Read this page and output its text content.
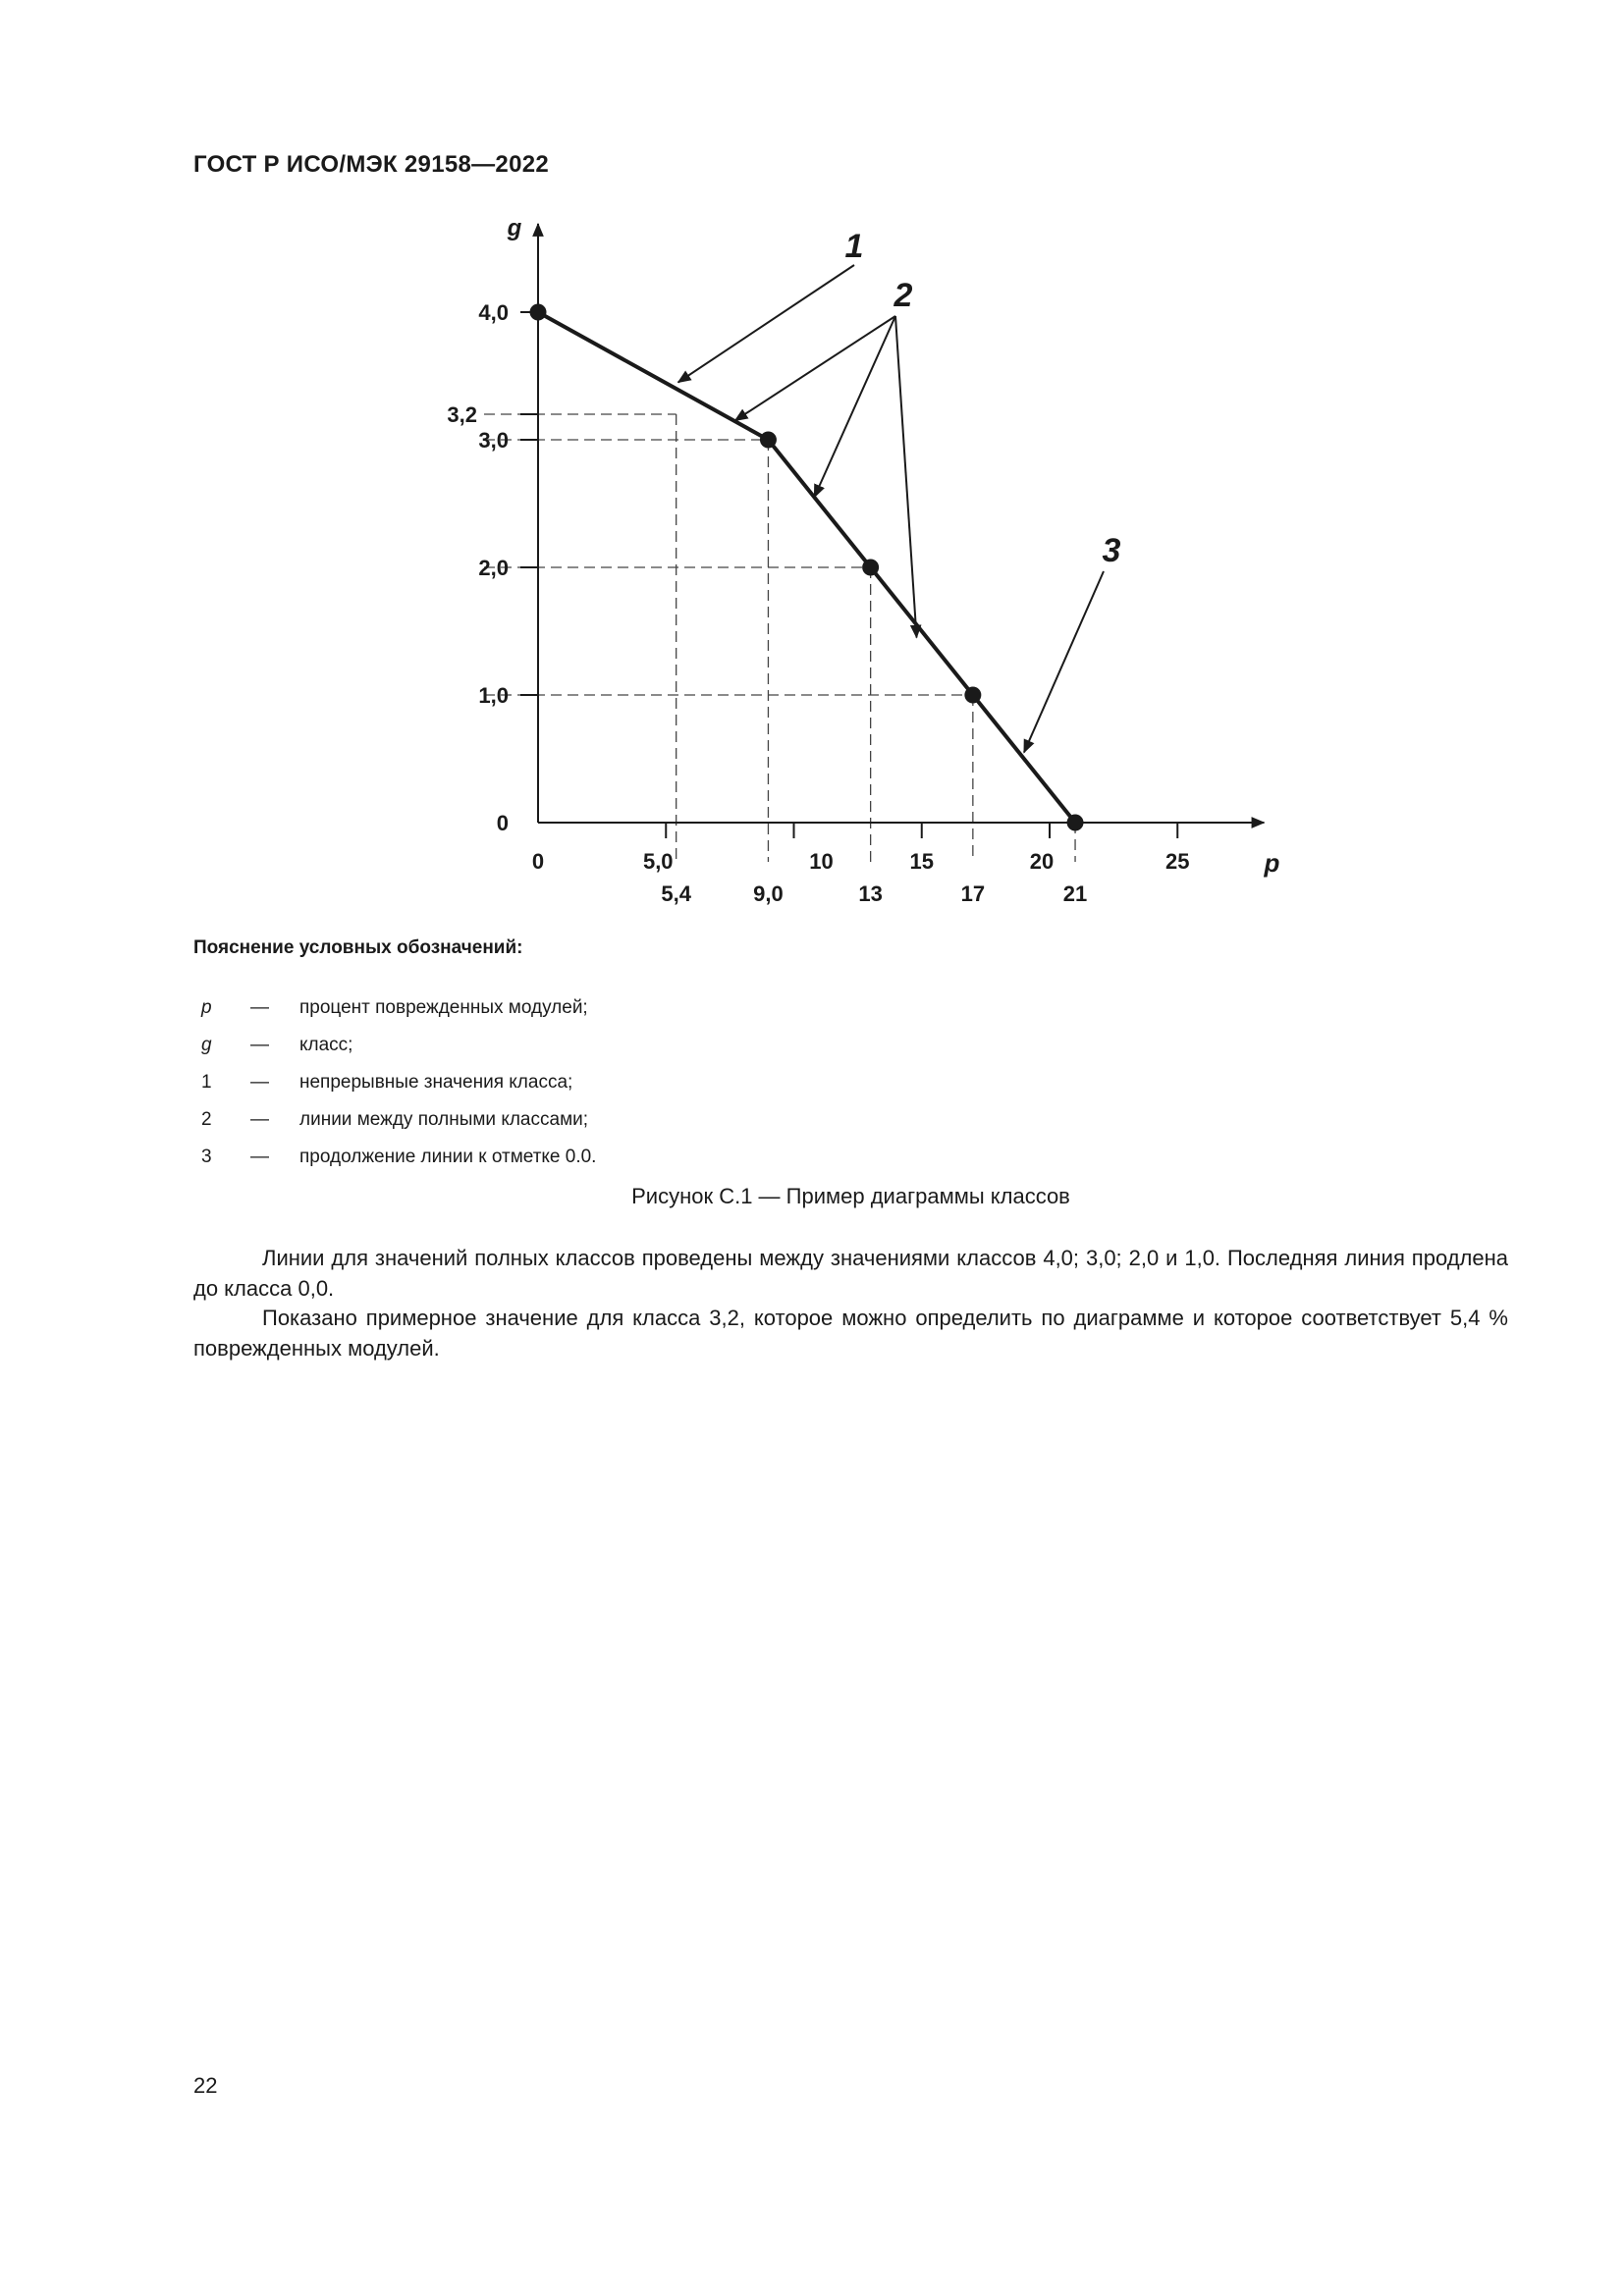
ГОСТ Р ИСО/МЭК 29158—2022
0
1,0
2,0
3,0
3,2
4,0
0	5,0	10	15	20	25
5,4	9,0	13	17	21
g
p
1
2
3
Пояснение условных обозначений:
p	—	процент поврежденных модулей;
g	—	класс;
1	—	непрерывные значения класса;
2	—	линии между полными классами;
3	—	продолжение линии к отметке 0.0.
Рисунок С.1 — Пример диаграммы классов

Линии для значений полных классов проведены между значениями классов 4,0; 3,0; 2,0 и 1,0. Последняя линия продлена до класса 0,0.

Показано примерное значение для класса 3,2, которое можно определить по диаграмме и которое соответствует 5,4 % поврежденных модулей.

22
